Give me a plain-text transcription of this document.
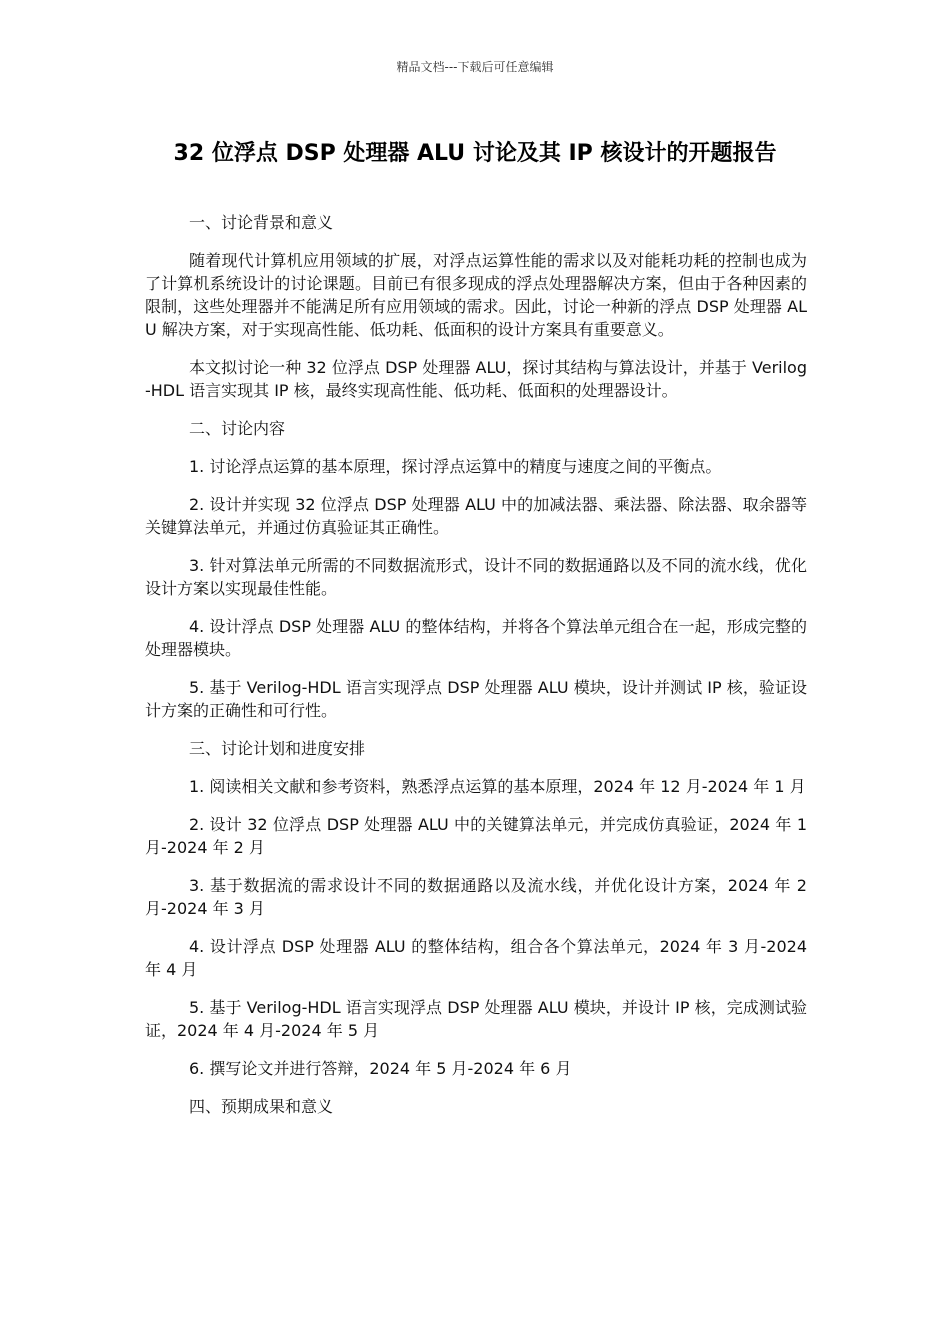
精品文档---下载后可任意编辑
32 位浮点 DSP 处理器 ALU 讨论及其 IP 核设计的开题报告

一、讨论背景和意义

随着现代计算机应用领域的扩展，对浮点运算性能的需求以及对能耗功耗的控制也成为了计算机系统设计的讨论课题。目前已有很多现成的浮点处理器解决方案，但由于各种因素的限制，这些处理器并不能满足所有应用领域的需求。因此，讨论一种新的浮点 DSP 处理器 ALU 解决方案，对于实现高性能、低功耗、低面积的设计方案具有重要意义。

本文拟讨论一种 32 位浮点 DSP 处理器 ALU，探讨其结构与算法设计，并基于 Verilog-HDL 语言实现其 IP 核，最终实现高性能、低功耗、低面积的处理器设计。

二、讨论内容

1. 讨论浮点运算的基本原理，探讨浮点运算中的精度与速度之间的平衡点。

2. 设计并实现 32 位浮点 DSP 处理器 ALU 中的加减法器、乘法器、除法器、取余器等关键算法单元，并通过仿真验证其正确性。

3. 针对算法单元所需的不同数据流形式，设计不同的数据通路以及不同的流水线，优化设计方案以实现最佳性能。

4. 设计浮点 DSP 处理器 ALU 的整体结构，并将各个算法单元组合在一起，形成完整的处理器模块。

5. 基于 Verilog-HDL 语言实现浮点 DSP 处理器 ALU 模块，设计并测试 IP 核，验证设计方案的正确性和可行性。

三、讨论计划和进度安排

1. 阅读相关文献和参考资料，熟悉浮点运算的基本原理，2024 年 12 月-2024 年 1 月

2. 设计 32 位浮点 DSP 处理器 ALU 中的关键算法单元，并完成仿真验证，2024 年 1 月-2024 年 2 月

3. 基于数据流的需求设计不同的数据通路以及流水线，并优化设计方案，2024 年 2 月-2024 年 3 月

4. 设计浮点 DSP 处理器 ALU 的整体结构，组合各个算法单元，2024 年 3 月-2024 年 4 月

5. 基于 Verilog-HDL 语言实现浮点 DSP 处理器 ALU 模块，并设计 IP 核，完成测试验证，2024 年 4 月-2024 年 5 月

6. 撰写论文并进行答辩，2024 年 5 月-2024 年 6 月

四、预期成果和意义
